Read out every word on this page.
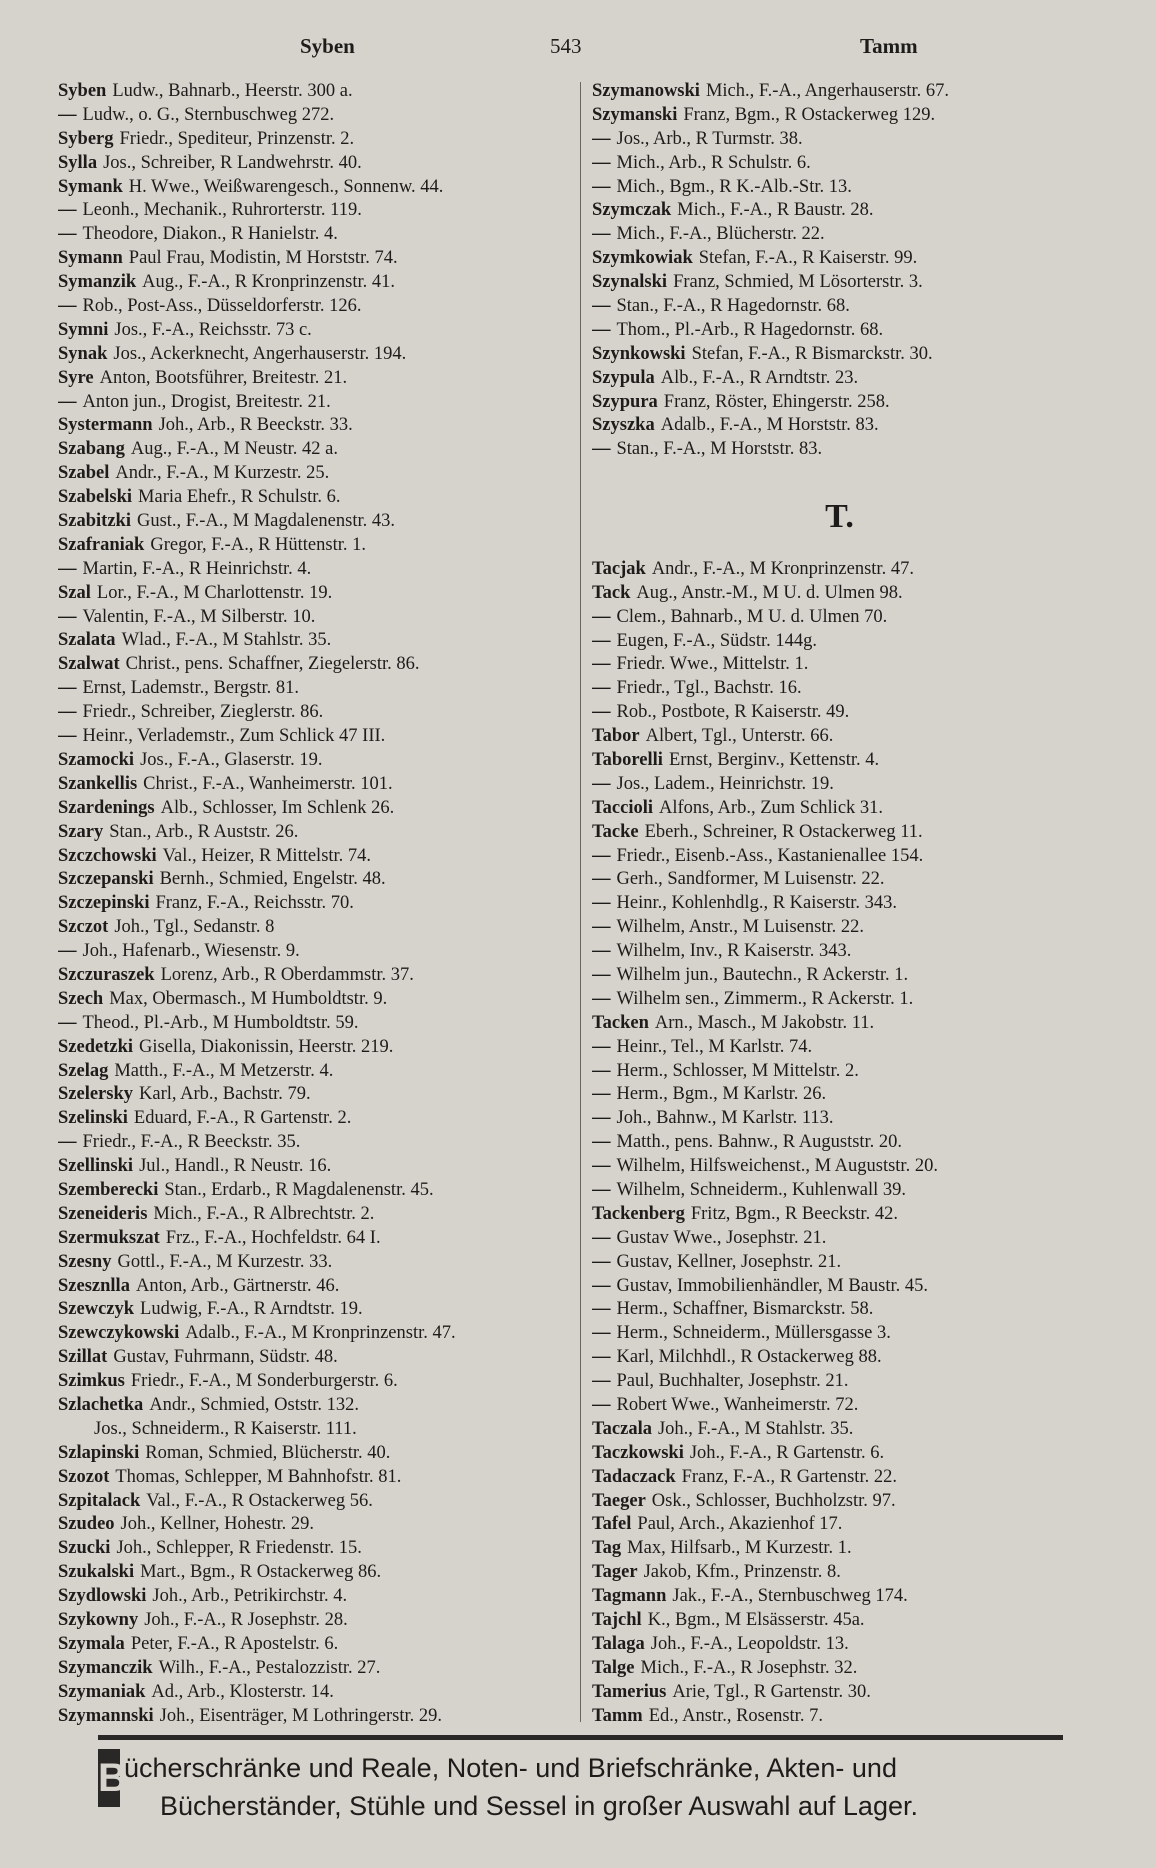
Syben	543	Tamm
Syben Ludw., Bahnarb., Heerstr. 300 a.
— Ludw., o. G., Sternbuschweg 272.
Syberg Friedr., Spediteur, Prinzenstr. 2.
Sylla Jos., Schreiber, R Landwehrstr. 40.
Symank H. Wwe., Weißwarengesch., Sonnenw. 44.
— Leonh., Mechanik., Ruhrorterstr. 119.
— Theodore, Diakon., R Hanielstr. 4.
Symann Paul Frau, Modistin, M Horststr. 74.
Symanzik Aug., F.-A., R Kronprinzenstr. 41.
— Rob., Post-Ass., Düsseldorferstr. 126.
Symni Jos., F.-A., Reichsstr. 73 c.
Synak Jos., Ackerknecht, Angerhauserstr. 194.
Syre Anton, Bootsführer, Breitestr. 21.
— Anton jun., Drogist, Breitestr. 21.
Systermann Joh., Arb., R Beeckstr. 33.
Szabang Aug., F.-A., M Neustr. 42 a.
Szabel Andr., F.-A., M Kurzestr. 25.
Szabelski Maria Ehefr., R Schulstr. 6.
Szabitzki Gust., F.-A., M Magdalenenstr. 43.
Szafraniak Gregor, F.-A., R Hüttenstr. 1.
— Martin, F.-A., R Heinrichstr. 4.
Szal Lor., F.-A., M Charlottenstr. 19.
— Valentin, F.-A., M Silberstr. 10.
Szalata Wlad., F.-A., M Stahlstr. 35.
Szalwat Christ., pens. Schaffner, Ziegelerstr. 86.
— Ernst, Lademstr., Bergstr. 81.
— Friedr., Schreiber, Zieglerstr. 86.
— Heinr., Verlademstr., Zum Schlick 47 III.
Szamocki Jos., F.-A., Glaserstr. 19.
Szankellis Christ., F.-A., Wanheimerstr. 101.
Szardenings Alb., Schlosser, Im Schlenk 26.
Szary Stan., Arb., R Auststr. 26.
Szczchowski Val., Heizer, R Mittelstr. 74.
Szczepanski Bernh., Schmied, Engelstr. 48.
Szczepinski Franz, F.-A., Reichsstr. 70.
Szczot Joh., Tgl., Sedanstr. 8
— Joh., Hafenarb., Wiesenstr. 9.
Szczuraszek Lorenz, Arb., R Oberdammstr. 37.
Szech Max, Obermasch., M Humboldtstr. 9.
— Theod., Pl.-Arb., M Humboldtstr. 59.
Szedetzki Gisella, Diakonissin, Heerstr. 219.
Szelag Matth., F.-A., M Metzerstr. 4.
Szelersky Karl, Arb., Bachstr. 79.
Szelinski Eduard, F.-A., R Gartenstr. 2.
— Friedr., F.-A., R Beeckstr. 35.
Szellinski Jul., Handl., R Neustr. 16.
Szemberecki Stan., Erdarb., R Magdalenenstr. 45.
Szeneideris Mich., F.-A., R Albrechtstr. 2.
Szermukszat Frz., F.-A., Hochfeldstr. 64 I.
Szesny Gottl., F.-A., M Kurzestr. 33.
Szesznlla Anton, Arb., Gärtnerstr. 46.
Szewczyk Ludwig, F.-A., R Arndtstr. 19.
Szewczykowski Adalb., F.-A., M Kronprinzenstr. 47.
Szillat Gustav, Fuhrmann, Südstr. 48.
Szimkus Friedr., F.-A., M Sonderburgerstr. 6.
Szlachetka Andr., Schmied, Oststr. 132.
Jos., Schneiderm., R Kaiserstr. 111.
Szlapinski Roman, Schmied, Blücherstr. 40.
Szozot Thomas, Schlepper, M Bahnhofstr. 81.
Szpitalack Val., F.-A., R Ostackerweg 56.
Szudeo Joh., Kellner, Hohestr. 29.
Szucki Joh., Schlepper, R Friedenstr. 15.
Szukalski Mart., Bgm., R Ostackerweg 86.
Szydlowski Joh., Arb., Petrikirchstr. 4.
Szykowny Joh., F.-A., R Josephstr. 28.
Szymala Peter, F.-A., R Apostelstr. 6.
Szymanczik Wilh., F.-A., Pestalozzistr. 27.
Szymaniak Ad., Arb., Klosterstr. 14.
Szymannski Joh., Eisenträger, M Lothringerstr. 29.
Szymanowski Mich., F.-A., Angerhauserstr. 67.
Szymanski Franz, Bgm., R Ostackerweg 129.
— Jos., Arb., R Turmstr. 38.
— Mich., Arb., R Schulstr. 6.
— Mich., Bgm., R K.-Alb.-Str. 13.
Szymczak Mich., F.-A., R Baustr. 28.
— Mich., F.-A., Blücherstr. 22.
Szymkowiak Stefan, F.-A., R Kaiserstr. 99.
Szynalski Franz, Schmied, M Lösorterstr. 3.
— Stan., F.-A., R Hagedornstr. 68.
— Thom., Pl.-Arb., R Hagedornstr. 68.
Szynkowski Stefan, F.-A., R Bismarckstr. 30.
Szypula Alb., F.-A., R Arndtstr. 23.
Szypura Franz, Röster, Ehingerstr. 258.
Szyszka Adalb., F.-A., M Horststr. 83.
— Stan., F.-A., M Horststr. 83.
T.
Tacjak Andr., F.-A., M Kronprinzenstr. 47.
Tack Aug., Anstr.-M., M U. d. Ulmen 98.
— Clem., Bahnarb., M U. d. Ulmen 70.
— Eugen, F.-A., Südstr. 144g.
— Friedr. Wwe., Mittelstr. 1.
— Friedr., Tgl., Bachstr. 16.
— Rob., Postbote, R Kaiserstr. 49.
Tabor Albert, Tgl., Unterstr. 66.
Taborelli Ernst, Berginv., Kettenstr. 4.
— Jos., Ladem., Heinrichstr. 19.
Taccioli Alfons, Arb., Zum Schlick 31.
Tacke Eberh., Schreiner, R Ostackerweg 11.
— Friedr., Eisenb.-Ass., Kastanienallee 154.
— Gerh., Sandformer, M Luisenstr. 22.
— Heinr., Kohlenhdlg., R Kaiserstr. 343.
— Wilhelm, Anstr., M Luisenstr. 22.
— Wilhelm, Inv., R Kaiserstr. 343.
— Wilhelm jun., Bautechn., R Ackerstr. 1.
— Wilhelm sen., Zimmerm., R Ackerstr. 1.
Tacken Arn., Masch., M Jakobstr. 11.
— Heinr., Tel., M Karlstr. 74.
— Herm., Schlosser, M Mittelstr. 2.
— Herm., Bgm., M Karlstr. 26.
— Joh., Bahnw., M Karlstr. 113.
— Matth., pens. Bahnw., R Auguststr. 20.
— Wilhelm, Hilfsweichenst., M Auguststr. 20.
— Wilhelm, Schneiderm., Kuhlenwall 39.
Tackenberg Fritz, Bgm., R Beeckstr. 42.
— Gustav Wwe., Josephstr. 21.
— Gustav, Kellner, Josephstr. 21.
— Gustav, Immobilienhändler, M Baustr. 45.
— Herm., Schaffner, Bismarckstr. 58.
— Herm., Schneiderm., Müllersgasse 3.
— Karl, Milchhdl., R Ostackerweg 88.
— Paul, Buchhalter, Josephstr. 21.
— Robert Wwe., Wanheimerstr. 72.
Taczala Joh., F.-A., M Stahlstr. 35.
Taczkowski Joh., F.-A., R Gartenstr. 6.
Tadaczack Franz, F.-A., R Gartenstr. 22.
Taeger Osk., Schlosser, Buchholzstr. 97.
Tafel Paul, Arch., Akazienhof 17.
Tag Max, Hilfsarb., M Kurzestr. 1.
Tager Jakob, Kfm., Prinzenstr. 8.
Tagmann Jak., F.-A., Sternbuschweg 174.
Tajchl K., Bgm., M Elsässerstr. 45a.
Talaga Joh., F.-A., Leopoldstr. 13.
Talge Mich., F.-A., R Josephstr. 32.
Tamerius Arie, Tgl., R Gartenstr. 30.
Tamm Ed., Anstr., Rosenstr. 7.
B
ücherschränke und Reale, Noten- und Briefschränke, Akten- und
Bücherständer, Stühle und Sessel in großer Auswahl auf Lager.
